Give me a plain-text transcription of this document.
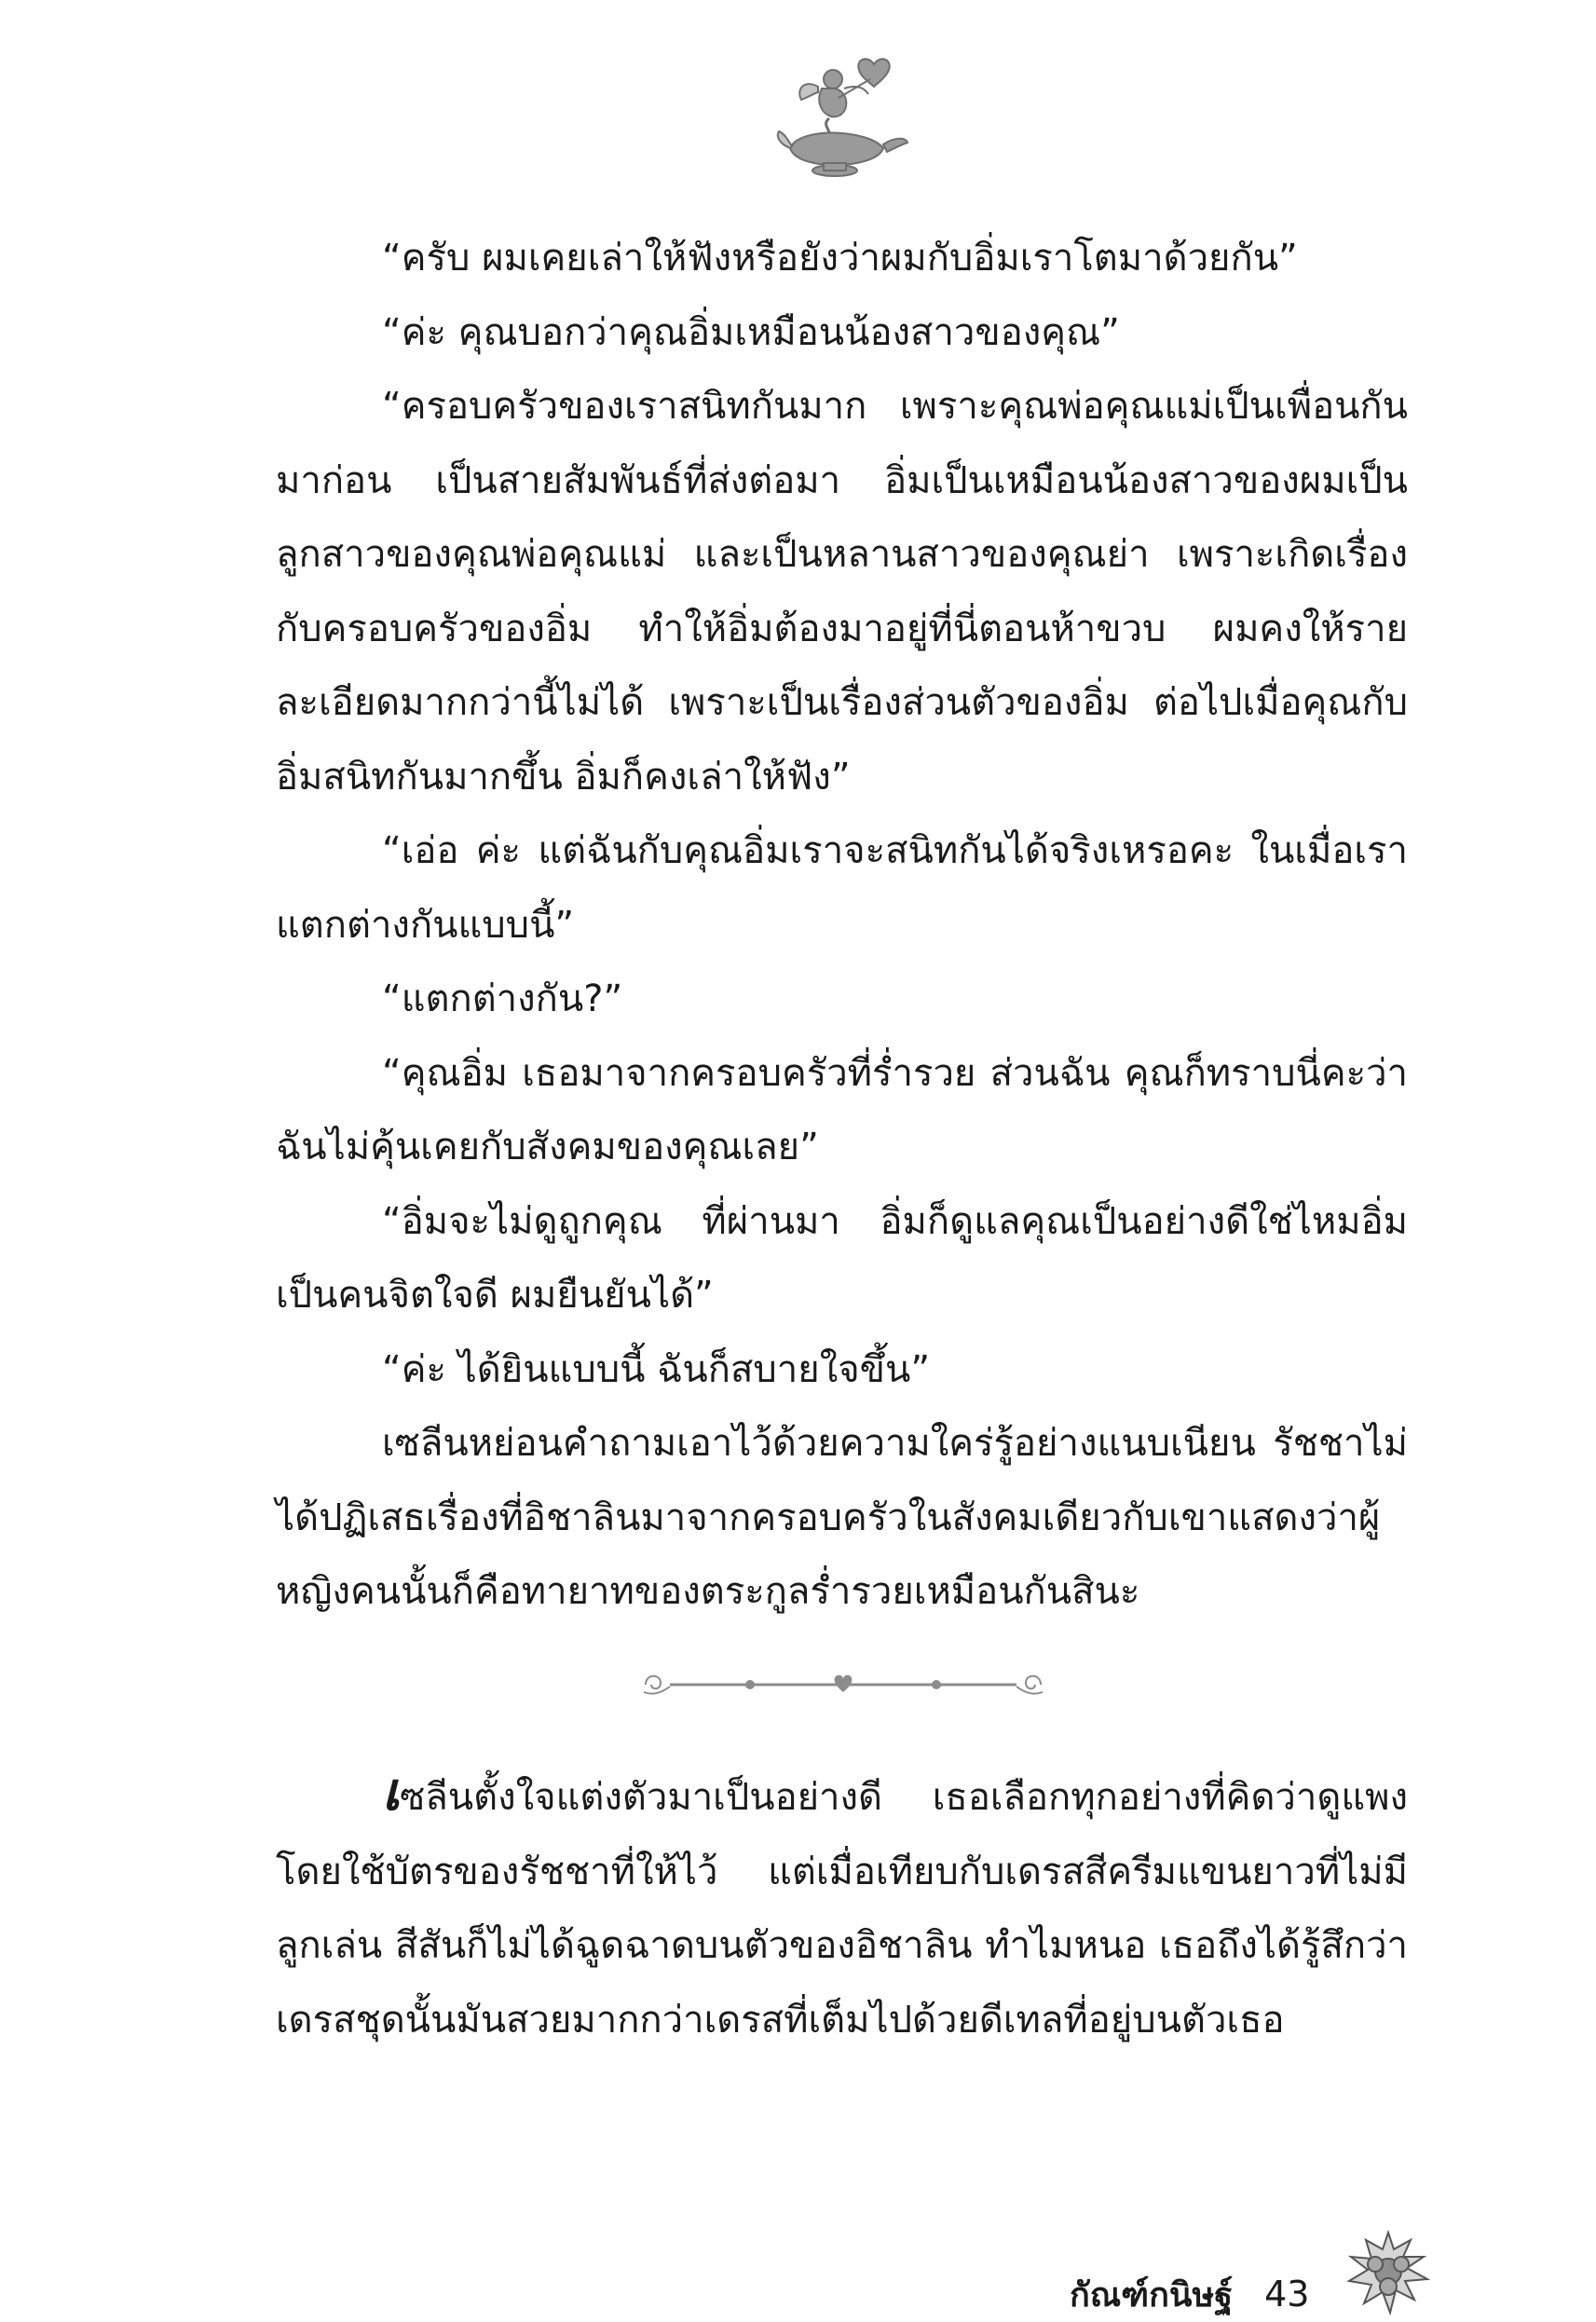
“ครับ ผมเคยเล่าให้ฟังหรือยังว่าผมกับอิ่มเราโตมาด้วยกัน”

“ค่ะ คุณบอกว่าคุณอิ่มเหมือนน้องสาวของคุณ”

“ครอบครัวของเราสนิทกันมาก เพราะคุณพ่อคุณแม่เป็นเพื่อนกันมาก่อน เป็นสายสัมพันธ์ที่ส่งต่อมา อิ่มเป็นเหมือนน้องสาวของผมเป็นลูกสาวของคุณพ่อคุณแม่ และเป็นหลานสาวของคุณย่า เพราะเกิดเรื่องกับครอบครัวของอิ่ม ทำให้อิ่มต้องมาอยู่ที่นี่ตอนห้าขวบ ผมคงให้รายละเอียดมากกว่านี้ไม่ได้ เพราะเป็นเรื่องส่วนตัวของอิ่ม ต่อไปเมื่อคุณกับอิ่มสนิทกันมากขึ้น อิ่มก็คงเล่าให้ฟัง”

“เอ่อ ค่ะ แต่ฉันกับคุณอิ่มเราจะสนิทกันได้จริงเหรอคะ ในเมื่อเราแตกต่างกันแบบนี้”

“แตกต่างกัน?”

“คุณอิ่ม เธอมาจากครอบครัวที่ร่ำรวย ส่วนฉัน คุณก็ทราบนี่คะว่าฉันไม่คุ้นเคยกับสังคมของคุณเลย”

“อิ่มจะไม่ดูถูกคุณ ที่ผ่านมา อิ่มก็ดูแลคุณเป็นอย่างดีใช่ไหมอิ่มเป็นคนจิตใจดี ผมยืนยันได้”

“ค่ะ ได้ยินแบบนี้ ฉันก็สบายใจขึ้น”

เซลีนหย่อนคำถามเอาไว้ด้วยความใคร่รู้อย่างแนบเนียน รัชชาไม่ได้ปฏิเสธเรื่องที่อิชาลินมาจากครอบครัวในสังคมเดียวกับเขาแสดงว่าผู้หญิงคนนั้นก็คือทายาทของตระกูลร่ำรวยเหมือนกันสินะ

เซลีนตั้งใจแต่งตัวมาเป็นอย่างดี เธอเลือกทุกอย่างที่คิดว่าดูแพง โดยใช้บัตรของรัชชาที่ให้ไว้ แต่เมื่อเทียบกับเดรสสีครีมแขนยาวที่ไม่มีลูกเล่น สีสันก็ไม่ได้ฉูดฉาดบนตัวของอิชาลิน ทำไมหนอ เธอถึงได้รู้สึกว่าเดรสชุดนั้นมันสวยมากกว่าเดรสที่เต็มไปด้วยดีเทลที่อยู่บนตัวเธอ

กัณฑ์กนิษฐ์ 43
